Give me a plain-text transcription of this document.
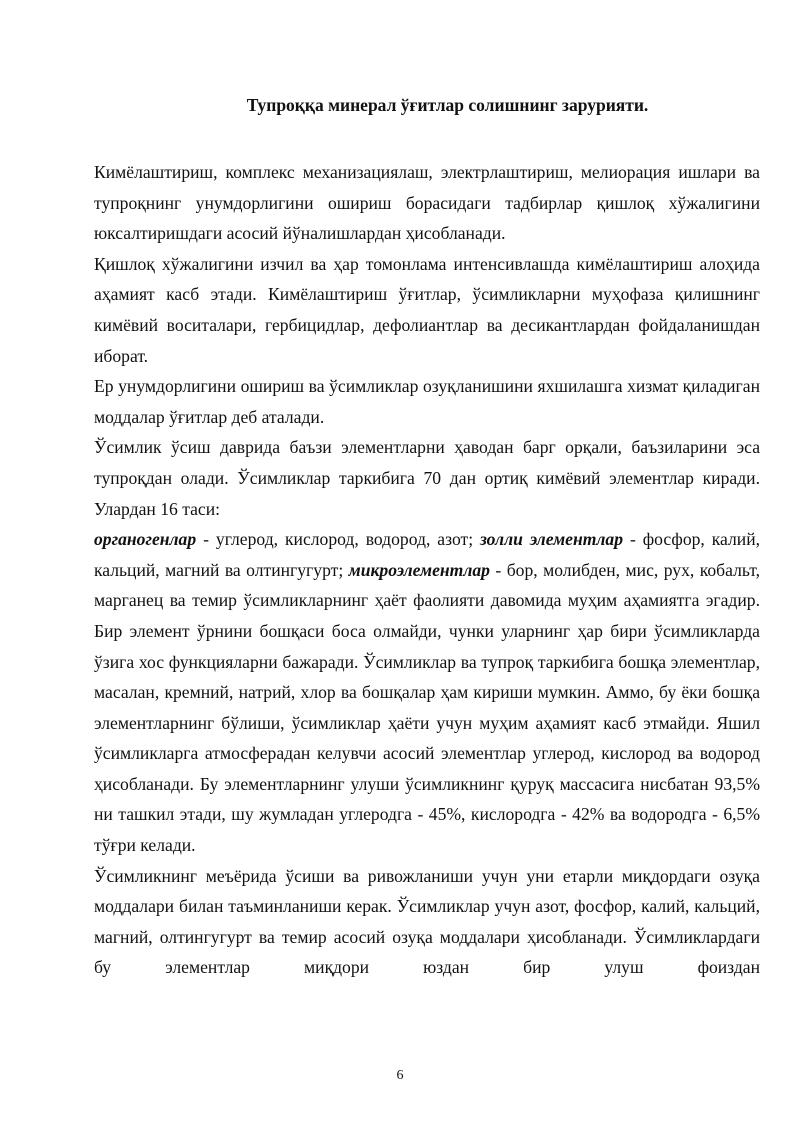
Тупроққа минерал ўғитлар солишнинг зарурияти.

Кимёлаштириш, комплекс механизациялаш, электрлаштириш, мелиорация ишлари ва тупроқнинг унумдорлигини ошириш борасидаги тадбирлар қишлоқ хўжалигини юксалтиришдаги асосий йўналишлардан ҳисобланади.

Қишлоқ хўжалигини изчил ва ҳар томонлама интенсивлашда кимёлаштириш алоҳида аҳамият касб этади. Кимёлаштириш ўғитлар, ўсимликларни муҳофаза қилишнинг кимёвий воситалари, гербицидлар, дефолиантлар ва десикантлардан фойдаланишдан иборат.

Ер унумдорлигини ошириш ва ўсимликлар озуқланишини яхшилашга хизмат қиладиган моддалар ўғитлар деб аталади.

Ўсимлик ўсиш даврида баъзи элементларни ҳаводан барг орқали, баъзиларини эса тупроқдан олади. Ўсимликлар таркибига 70 дан ортиқ кимёвий элементлар киради. Улардан 16 таси:

органогенлар - углерод, кислород, водород, азот; золли элементлар - фосфор, калий, кальций, магний ва олтингугурт; микроэлементлар - бор, молибден, мис, рух, кобальт, марганец ва темир ўсимликларнинг ҳаёт фаолияти давомида муҳим аҳамиятга эгадир. Бир элемент ўрнини бошқаси боса олмайди, чунки уларнинг ҳар бири ўсимликларда ўзига хос функцияларни бажаради. Ўсимликлар ва тупроқ таркибига бошқа элементлар, масалан, кремний, натрий, хлор ва бошқалар ҳам кириши мумкин. Аммо, бу ёки бошқа элементларнинг бўлиши, ўсимликлар ҳаёти учун муҳим аҳамият касб этмайди. Яшил ўсимликларга атмосферадан келувчи асосий элементлар углерод, кислород ва водород ҳисобланади. Бу элементларнинг улуши ўсимликнинг қуруқ массасига нисбатан 93,5% ни ташкил этади, шу жумладан углеродга - 45%, кислородга - 42% ва водородга - 6,5% тўғри келади.

Ўсимликнинг меъёрида ўсиши ва ривожланиши учун уни етарли миқдордаги озуқа моддалари билан таъминланиши керак. Ўсимликлар учун азот, фосфор, калий, кальций, магний, олтингугурт ва темир асосий озуқа моддалари ҳисобланади. Ўсимликлардаги бу элементлар миқдори юздан бир улуш фоиздан

6
